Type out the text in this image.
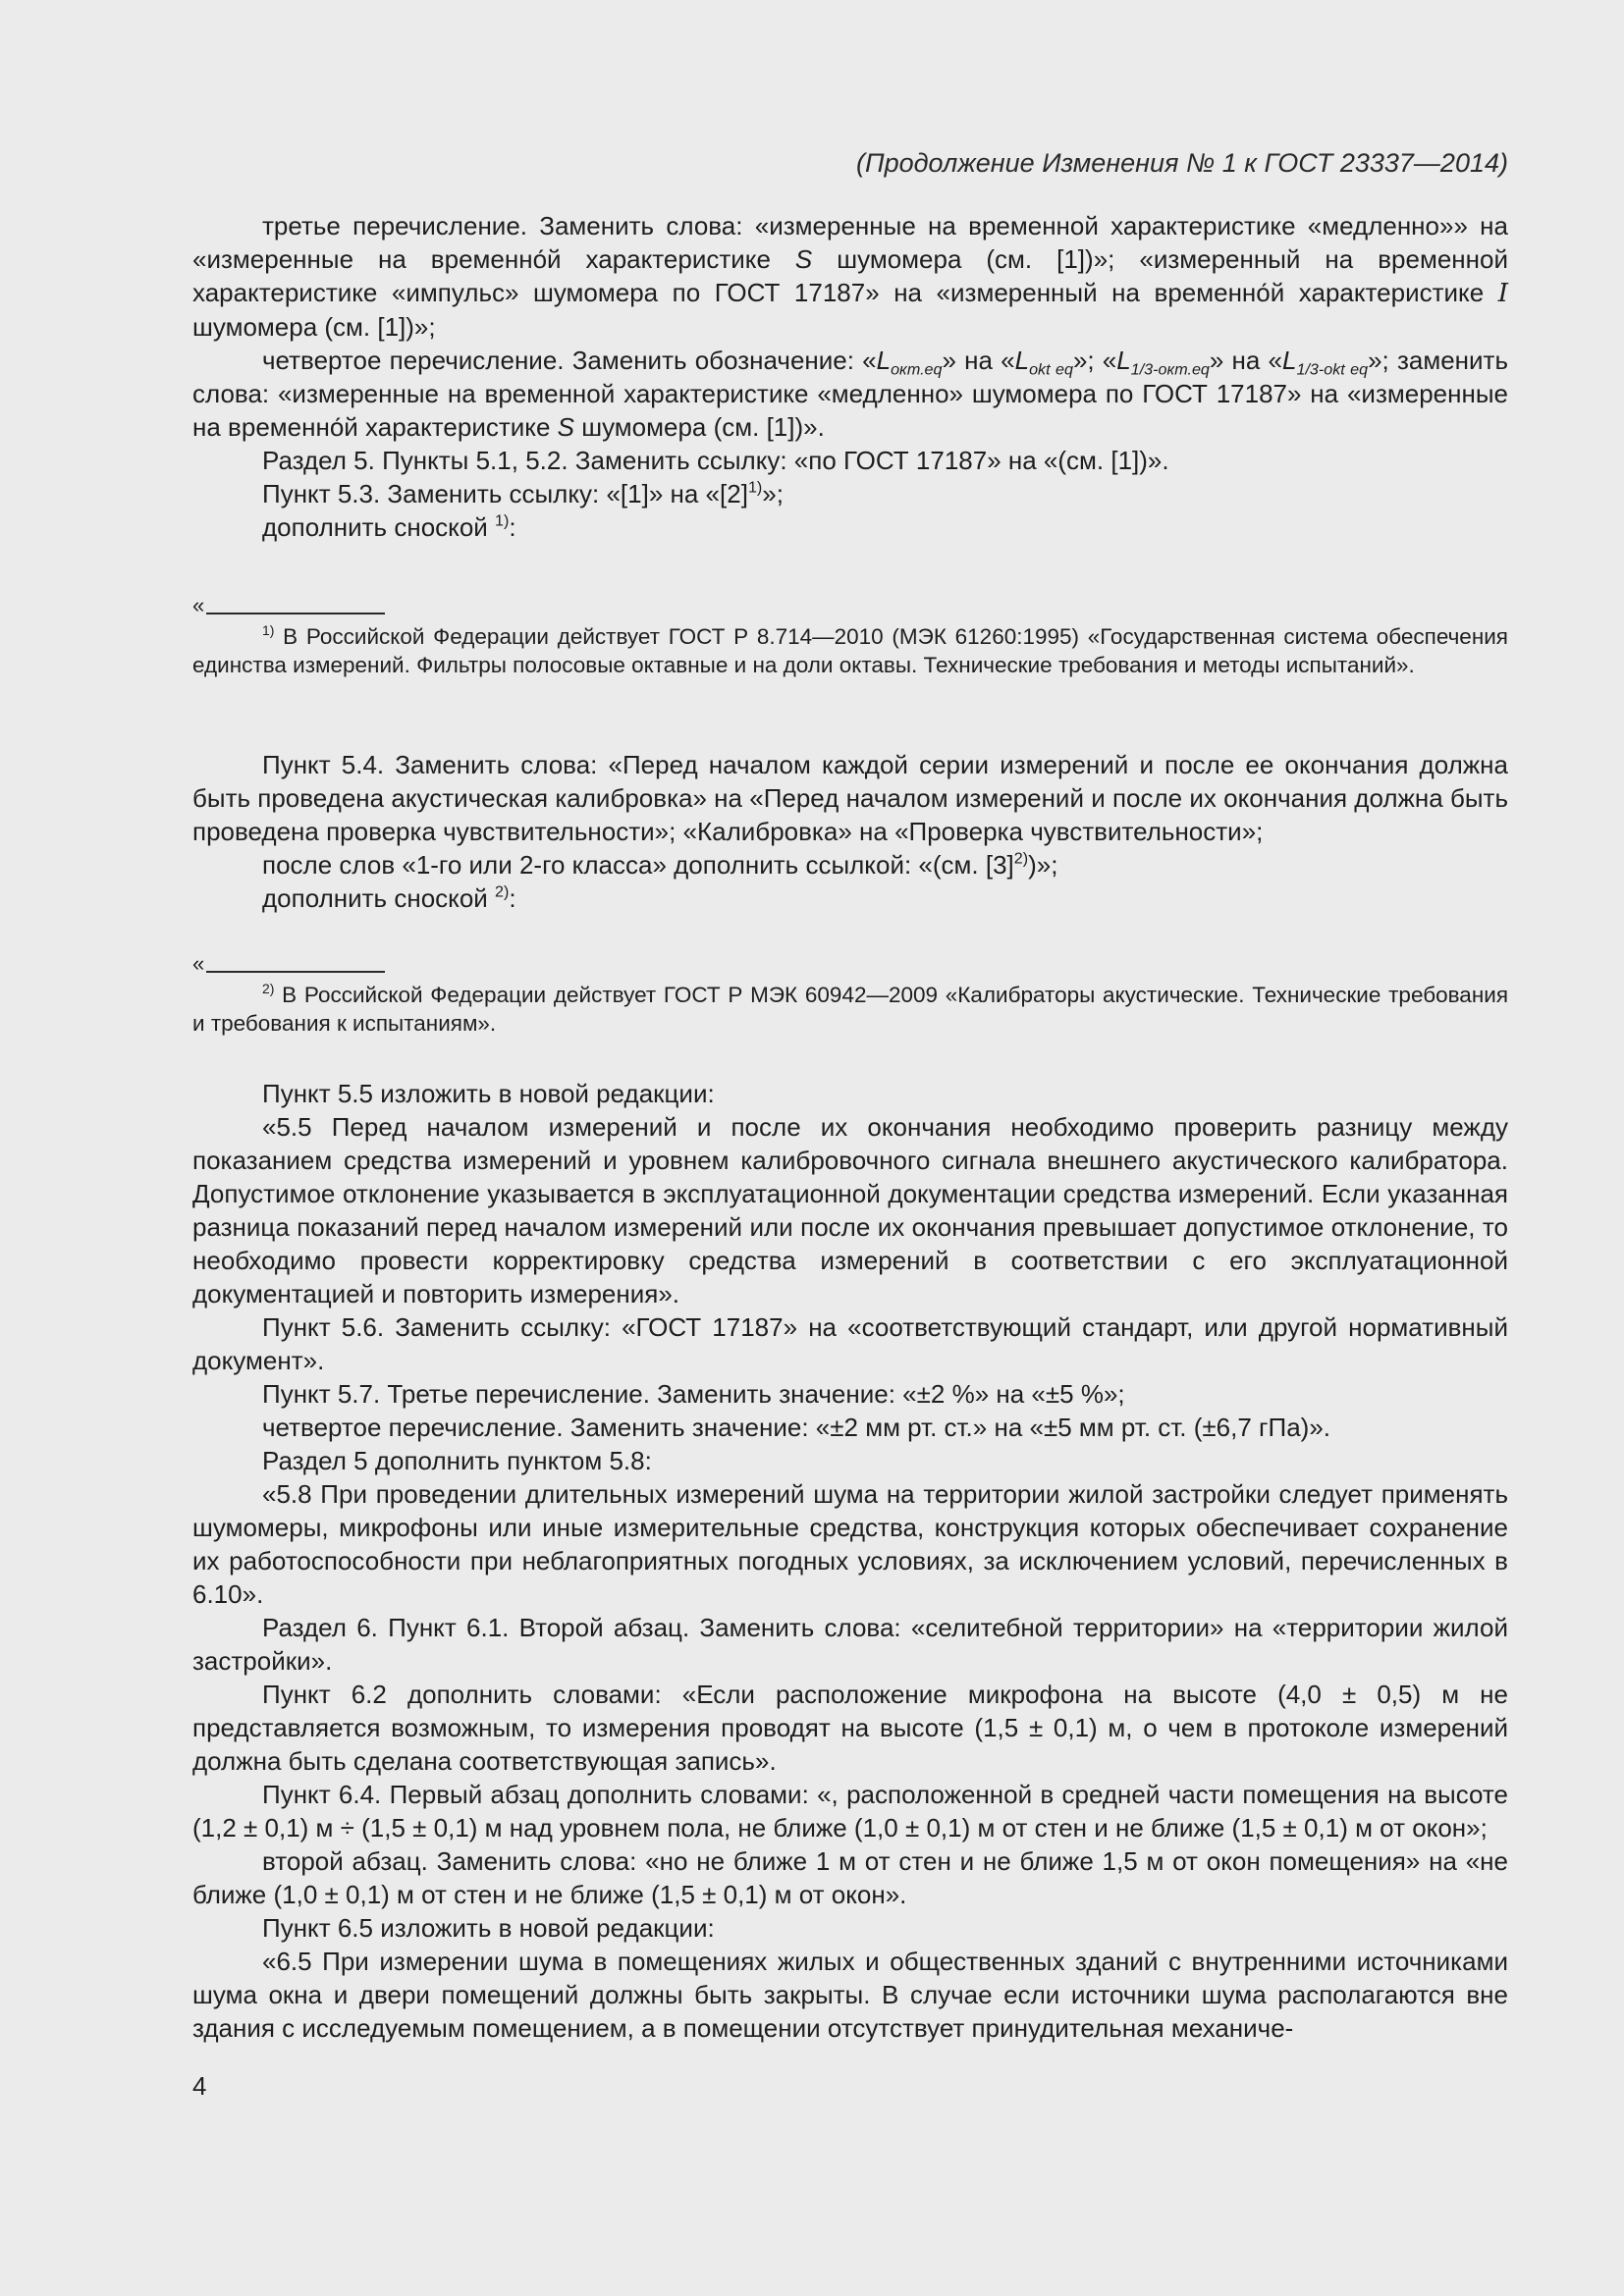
(Продолжение Изменения № 1 к ГОСТ 23337—2014)

третье перечисление. Заменить слова: «измеренные на временной характеристике «медленно»» на «измеренные на временно́й характеристике S шумомера (см. [1])»; «измеренный на временной характеристике «импульс» шумомера по ГОСТ 17187» на «измеренный на временно́й характеристике I шумомера (см. [1])»;

четвертое перечисление. Заменить обозначение: «$L_{окт.eq}$» на «$L_{okt eq}$»; «$L_{1/3-окт.eq}$» на «$L_{1/3-okt eq}$»; заменить слова: «измеренные на временной характеристике «медленно» шумомера по ГОСТ 17187» на «измеренные на временно́й характеристике S шумомера (см. [1])».

Раздел 5. Пункты 5.1, 5.2. Заменить ссылку: «по ГОСТ 17187» на «(см. [1])».

Пункт 5.3. Заменить ссылку: «[1]» на «$[2]^{1)}$»;

дополнить сноской $^{1)}$:

«

$^{1)}$ В Российской Федерации действует ГОСТ Р 8.714—2010 (МЭК 61260:1995) «Государственная система обеспечения единства измерений. Фильтры полосовые октавные и на доли октавы. Технические требования и методы испытаний».

Пункт 5.4. Заменить слова: «Перед началом каждой серии измерений и после ее окончания должна быть проведена акустическая калибровка» на «Перед началом измерений и после их окончания должна быть проведена проверка чувствительности»; «Калибровка» на «Проверка чувствительности»;

после слов «1-го или 2-го класса» дополнить ссылкой: «(см. $[3]^{2)}$)»;

дополнить сноской $^{2)}$:

«

$^{2)}$ В Российской Федерации действует ГОСТ Р МЭК 60942—2009 «Калибраторы акустические. Технические требования и требования к испытаниям».

Пункт 5.5 изложить в новой редакции:

«5.5 Перед началом измерений и после их окончания необходимо проверить разницу между показанием средства измерений и уровнем калибровочного сигнала внешнего акустического калибратора. Допустимое отклонение указывается в эксплуатационной документации средства измерений. Если указанная разница показаний перед началом измерений или после их окончания превышает допустимое отклонение, то необходимо провести корректировку средства измерений в соответствии с его эксплуатационной документацией и повторить измерения».

Пункт 5.6. Заменить ссылку: «ГОСТ 17187» на «соответствующий стандарт, или другой нормативный документ».

Пункт 5.7. Третье перечисление. Заменить значение: «±2 %» на «±5 %»;

четвертое перечисление. Заменить значение: «±2 мм рт. ст.» на «±5 мм рт. ст. (±6,7 гПа)».

Раздел 5 дополнить пунктом 5.8:

«5.8 При проведении длительных измерений шума на территории жилой застройки следует применять шумомеры, микрофоны или иные измерительные средства, конструкция которых обеспечивает сохранение их работоспособности при неблагоприятных погодных условиях, за исключением условий, перечисленных в 6.10».

Раздел 6. Пункт 6.1. Второй абзац. Заменить слова: «селитебной территории» на «территории жилой застройки».

Пункт 6.2 дополнить словами: «Если расположение микрофона на высоте (4,0 ± 0,5) м не представляется возможным, то измерения проводят на высоте (1,5 ± 0,1) м, о чем в протоколе измерений должна быть сделана соответствующая запись».

Пункт 6.4. Первый абзац дополнить словами: «, расположенной в средней части помещения на высоте (1,2 ± 0,1) м ÷ (1,5 ± 0,1) м над уровнем пола, не ближе (1,0 ± 0,1) м от стен и не ближе (1,5 ± 0,1) м от окон»;

второй абзац. Заменить слова: «но не ближе 1 м от стен и не ближе 1,5 м от окон помещения» на «не ближе (1,0 ± 0,1) м от стен и не ближе (1,5 ± 0,1) м от окон».

Пункт 6.5 изложить в новой редакции:

«6.5 При измерении шума в помещениях жилых и общественных зданий с внутренними источниками шума окна и двери помещений должны быть закрыты. В случае если источники шума располагаются вне здания с исследуемым помещением, а в помещении отсутствует принудительная механиче-

4
